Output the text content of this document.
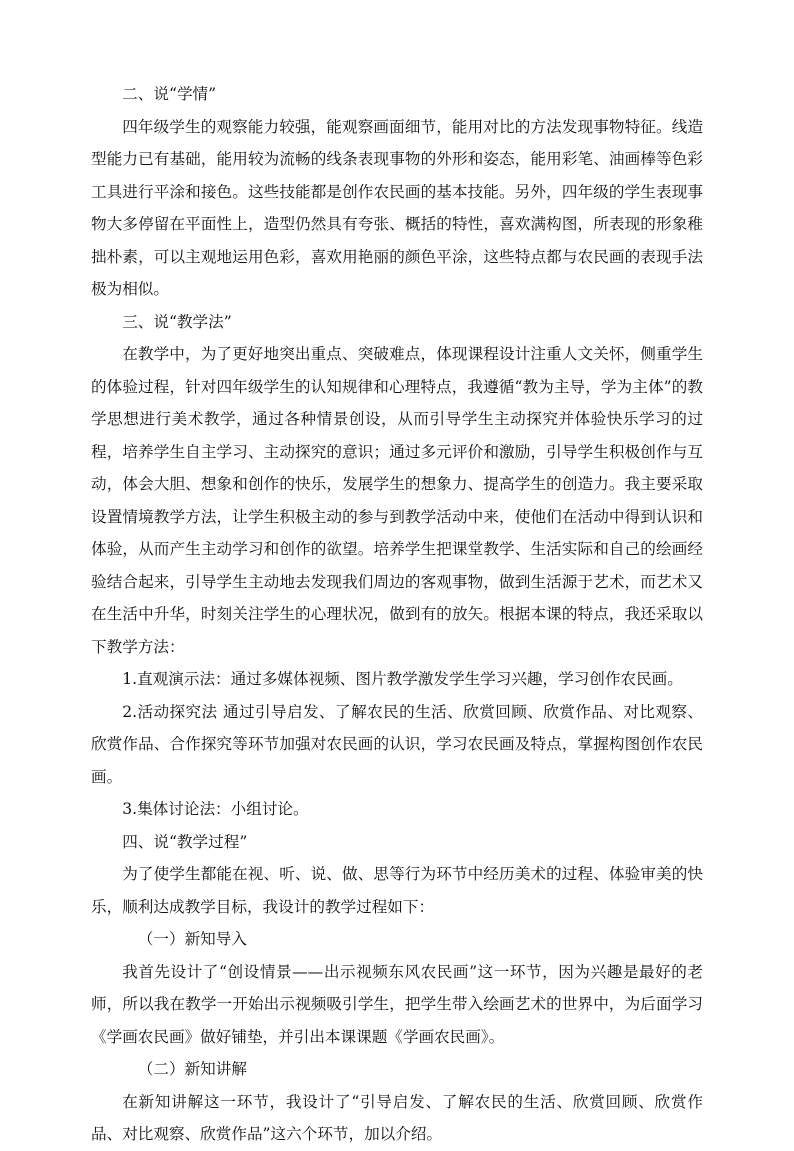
二、说“学情”

四年级学生的观察能力较强，能观察画面细节，能用对比的方法发现事物特征。线造型能力已有基础，能用较为流畅的线条表现事物的外形和姿态，能用彩笔、油画棒等色彩工具进行平涂和接色。这些技能都是创作农民画的基本技能。另外，四年级的学生表现事物大多停留在平面性上，造型仍然具有夸张、概括的特性，喜欢满构图，所表现的形象稚拙朴素，可以主观地运用色彩，喜欢用艳丽的颜色平涂，这些特点都与农民画的表现手法极为相似。

三、说“教学法”

在教学中，为了更好地突出重点、突破难点，体现课程设计注重人文关怀，侧重学生的体验过程，针对四年级学生的认知规律和心理特点，我遵循“教为主导，学为主体”的教学思想进行美术教学，通过各种情景创设，从而引导学生主动探究并体验快乐学习的过程，培养学生自主学习、主动探究的意识；通过多元评价和激励，引导学生积极创作与互动，体会大胆、想象和创作的快乐，发展学生的想象力、提高学生的创造力。我主要采取设置情境教学方法，让学生积极主动的参与到教学活动中来，使他们在活动中得到认识和体验，从而产生主动学习和创作的欲望。培养学生把课堂教学、生活实际和自己的绘画经验结合起来，引导学生主动地去发现我们周边的客观事物，做到生活源于艺术，而艺术又在生活中升华，时刻关注学生的心理状况，做到有的放矢。根据本课的特点，我还采取以下教学方法：

1.直观演示法：通过多媒体视频、图片教学激发学生学习兴趣，学习创作农民画。

2.活动探究法 通过引导启发、了解农民的生活、欣赏回顾、欣赏作品、对比观察、欣赏作品、合作探究等环节加强对农民画的认识，学习农民画及特点，掌握构图创作农民画。

3.集体讨论法：小组讨论。

四、说“教学过程”

为了使学生都能在视、听、说、做、思等行为环节中经历美术的过程、体验审美的快乐，顺利达成教学目标，我设计的教学过程如下：

（一）新知导入

我首先设计了“创设情景——出示视频东风农民画”这一环节，因为兴趣是最好的老师，所以我在教学一开始出示视频吸引学生，把学生带入绘画艺术的世界中，为后面学习《学画农民画》做好铺垫，并引出本课课题《学画农民画》。

（二）新知讲解

在新知讲解这一环节，我设计了“引导启发、了解农民的生活、欣赏回顾、欣赏作品、对比观察、欣赏作品”这六个环节，加以介绍。
